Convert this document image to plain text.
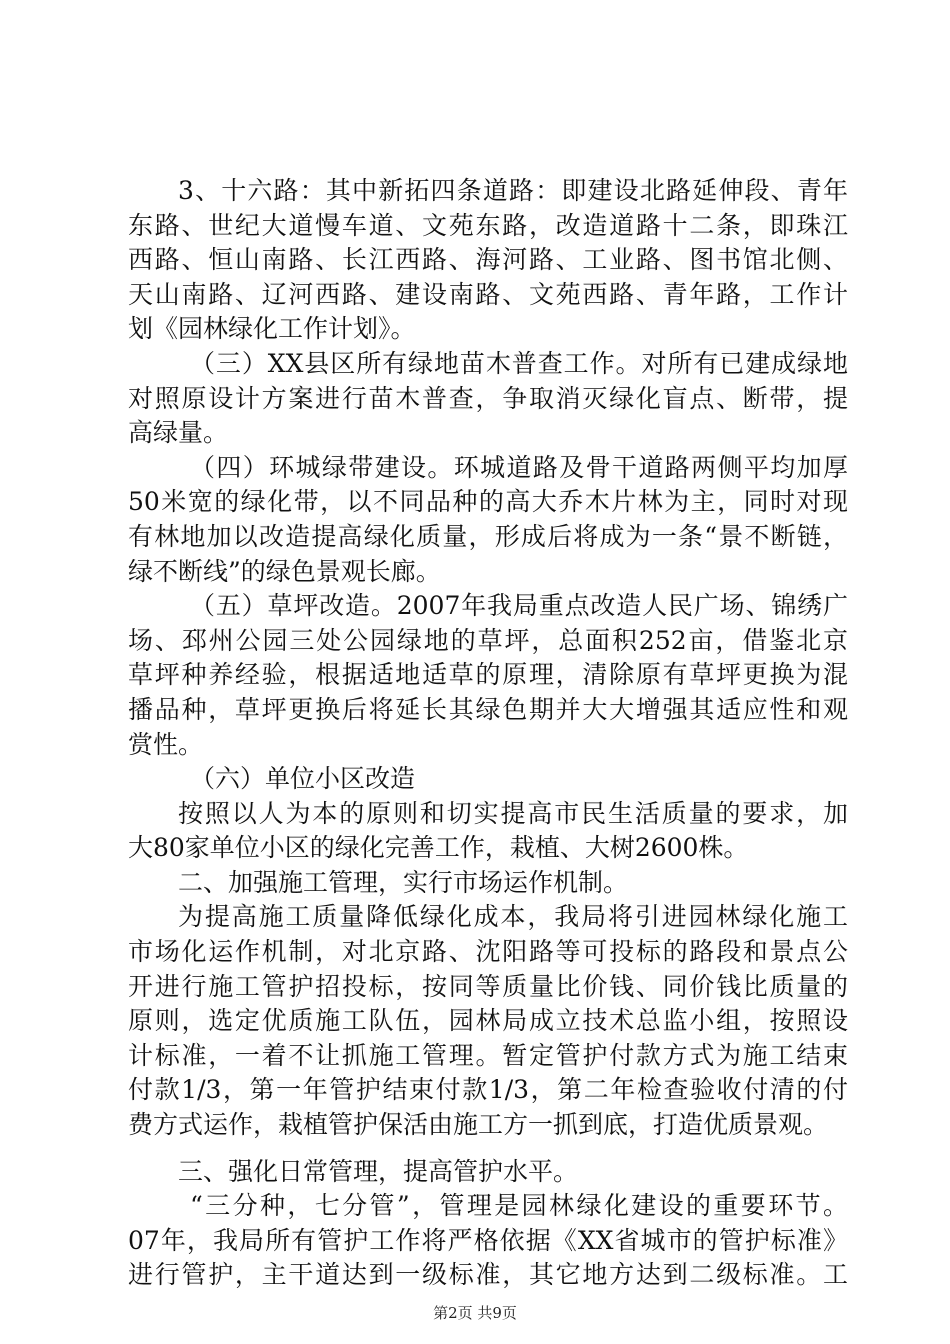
3、十六路：其中新拓四条道路：即建设北路延伸段、青年
东路、世纪大道慢车道、文苑东路，改造道路十二条，即珠江
西路、恒山南路、长江西路、海河路、工业路、图书馆北侧、
天山南路、辽河西路、建设南路、文苑西路、青年路，工作计
划《园林绿化工作计划》。
（三）XX县区所有绿地苗木普查工作。对所有已建成绿地
对照原设计方案进行苗木普查，争取消灭绿化盲点、断带，提
高绿量。
（四）环城绿带建设。环城道路及骨干道路两侧平均加厚
50米宽的绿化带，以不同品种的高大乔木片林为主，同时对现
有林地加以改造提高绿化质量，形成后将成为一条“景不断链，
绿不断线”的绿色景观长廊。
（五）草坪改造。2007年我局重点改造人民广场、锦绣广
场、邳州公园三处公园绿地的草坪，总面积252亩，借鉴北京
草坪种养经验，根据适地适草的原理，清除原有草坪更换为混
播品种，草坪更换后将延长其绿色期并大大增强其适应性和观
赏性。
（六）单位小区改造
按照以人为本的原则和切实提高市民生活质量的要求，加
大80家单位小区的绿化完善工作，栽植、大树2600株。
二、加强施工管理，实行市场运作机制。
为提高施工质量降低绿化成本，我局将引进园林绿化施工
市场化运作机制，对北京路、沈阳路等可投标的路段和景点公
开进行施工管护招投标，按同等质量比价钱、同价钱比质量的
原则，选定优质施工队伍，园林局成立技术总监小组，按照设
计标准，一着不让抓施工管理。暂定管护付款方式为施工结束
付款1/3，第一年管护结束付款1/3，第二年检查验收付清的付
费方式运作，栽植管护保活由施工方一抓到底，打造优质景观。
三、强化日常管理，提高管护水平。
“三分种，七分管”，管理是园林绿化建设的重要环节。
07年，我局所有管护工作将严格依据《XX省城市的管护标准》
进行管护，主干道达到一级标准，其它地方达到二级标准。工
第2页 共9页
